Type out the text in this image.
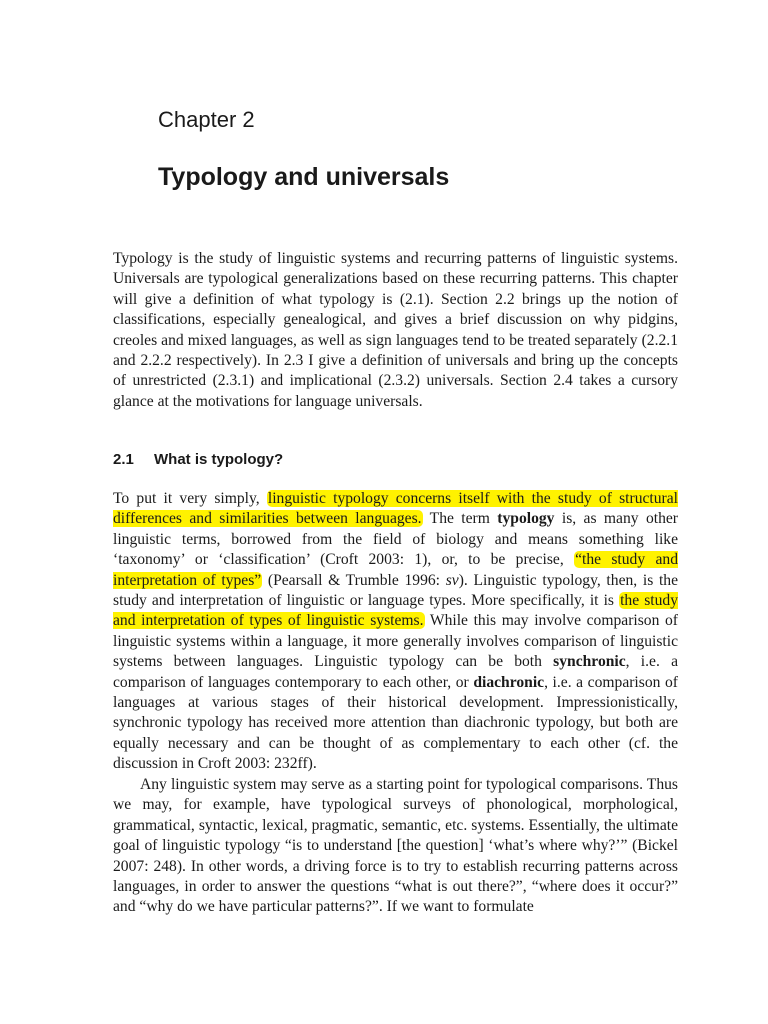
Chapter 2
Typology and universals

Typology is the study of linguistic systems and recurring patterns of linguistic systems. Universals are typological generalizations based on these recurring patterns. This chapter will give a definition of what typology is (2.1). Section 2.2 brings up the notion of classifications, especially genealogical, and gives a brief discussion on why pidgins, creoles and mixed languages, as well as sign languages tend to be treated separately (2.2.1 and 2.2.2 respectively). In 2.3 I give a definition of universals and bring up the concepts of unrestricted (2.3.1) and implicational (2.3.2) universals. Section 2.4 takes a cursory glance at the motivations for language universals.

2.1 What is typology?

To put it very simply, linguistic typology concerns itself with the study of structural differences and similarities between languages. The term typology is, as many other linguistic terms, borrowed from the field of biology and means something like ‘taxonomy’ or ‘classification’ (Croft 2003: 1), or, to be precise, “the study and interpretation of types” (Pearsall & Trumble 1996: sv). Linguistic typology, then, is the study and interpretation of linguistic or language types. More specifically, it is the study and interpretation of types of linguistic systems. While this may involve comparison of linguistic systems within a language, it more generally involves comparison of linguistic systems between languages. Linguistic typology can be both synchronic, i.e. a comparison of languages contemporary to each other, or diachronic, i.e. a comparison of languages at various stages of their historical development. Impressionistically, synchronic typology has received more attention than diachronic typology, but both are equally necessary and can be thought of as complementary to each other (cf. the discussion in Croft 2003: 232ff).

Any linguistic system may serve as a starting point for typological comparisons. Thus we may, for example, have typological surveys of phonological, morphological, grammatical, syntactic, lexical, pragmatic, semantic, etc. systems. Essentially, the ultimate goal of linguistic typology “is to understand [the question] ‘what’s where why?’” (Bickel 2007: 248). In other words, a driving force is to try to establish recurring patterns across languages, in order to answer the questions “what is out there?”, “where does it occur?” and “why do we have particular patterns?”. If we want to formulate
